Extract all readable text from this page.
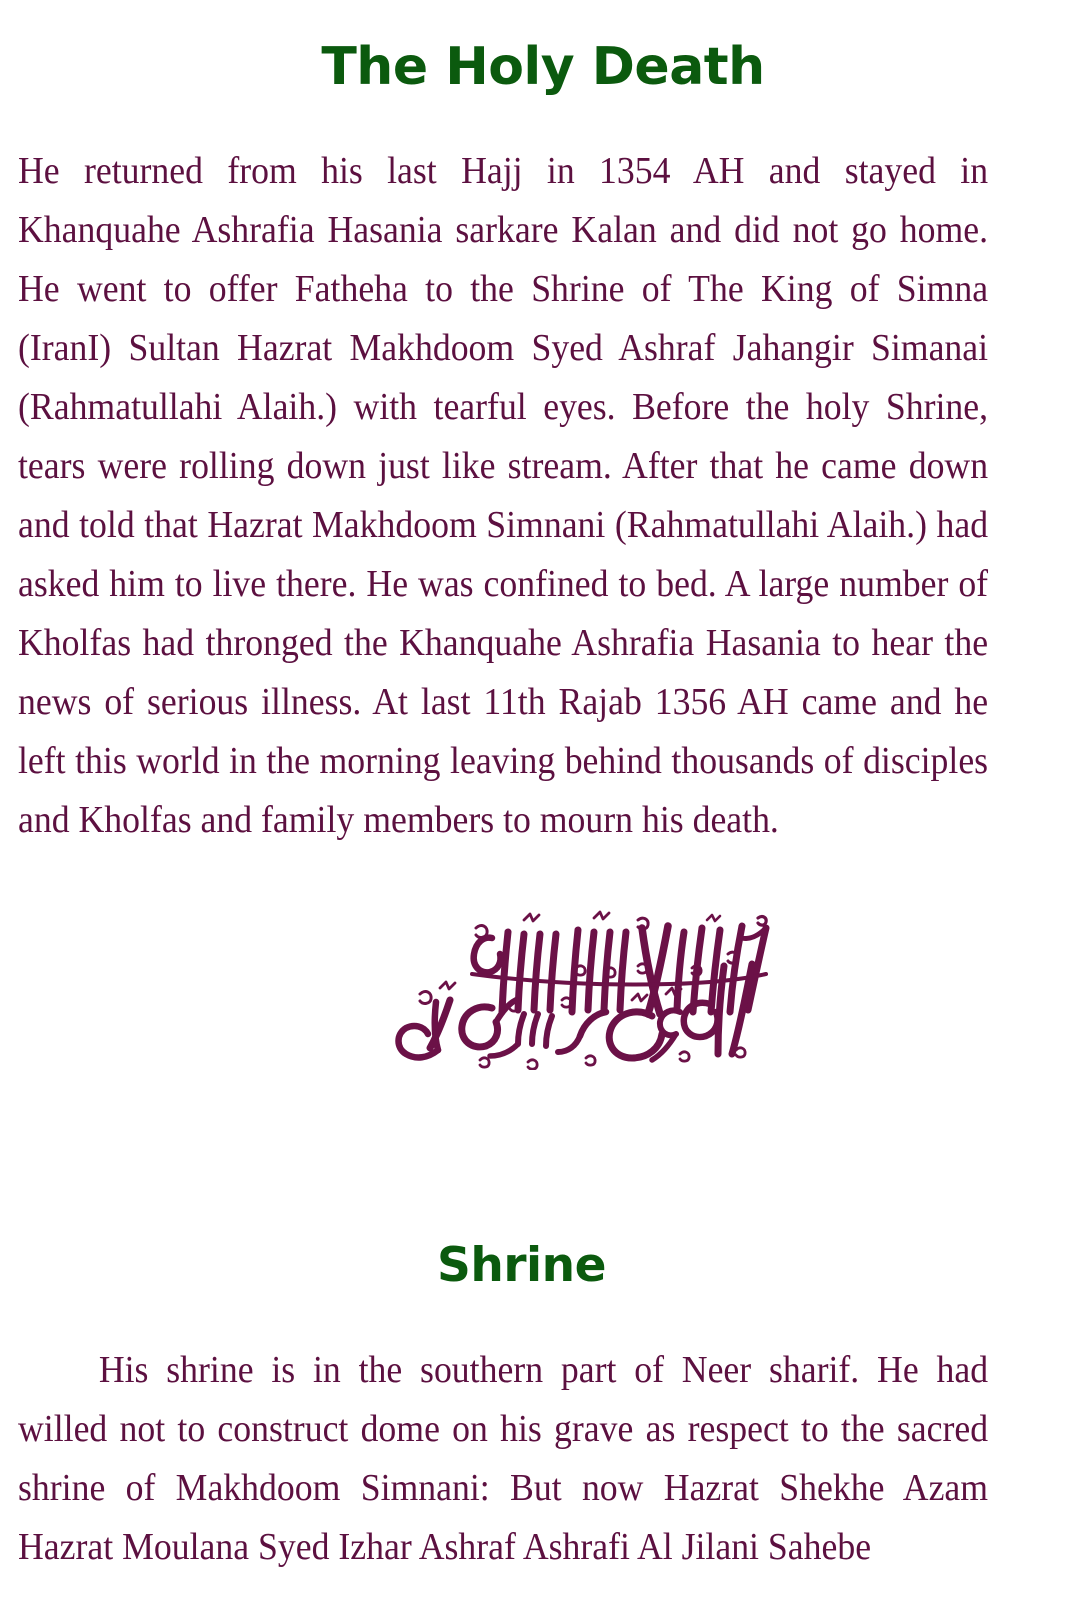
The Holy Death

He returned from his last Hajj in 1354 AH and stayed in Khanquahe Ashrafia Hasania sarkare Kalan and did not go home. He went to offer Fatheha to the Shrine of The King of Simna (IranI) Sultan Hazrat Makhdoom Syed Ashraf Jahangir Simanai (Rahmatullahi Alaih.) with tearful eyes. Before the holy Shrine, tears were rolling down just like stream. After that he came down and told that Hazrat Makhdoom Simnani (Rahmatullahi Alaih.) had asked him to live there. He was confined to bed. A large number of Kholfas had thronged the Khanquahe Ashrafia Hasania to hear the news of serious illness. At last 11th Rajab 1356 AH came and he left this world in the morning leaving behind thousands of disciples and Kholfas and family members to mourn his death.

Shrine

His shrine is in the southern part of Neer sharif. He had willed not to construct dome on his grave as respect to the sacred shrine of Makhdoom Simnani: But now Hazrat Shekhe Azam Hazrat Moulana Syed Izhar Ashraf Ashrafi Al Jilani Sahebe
